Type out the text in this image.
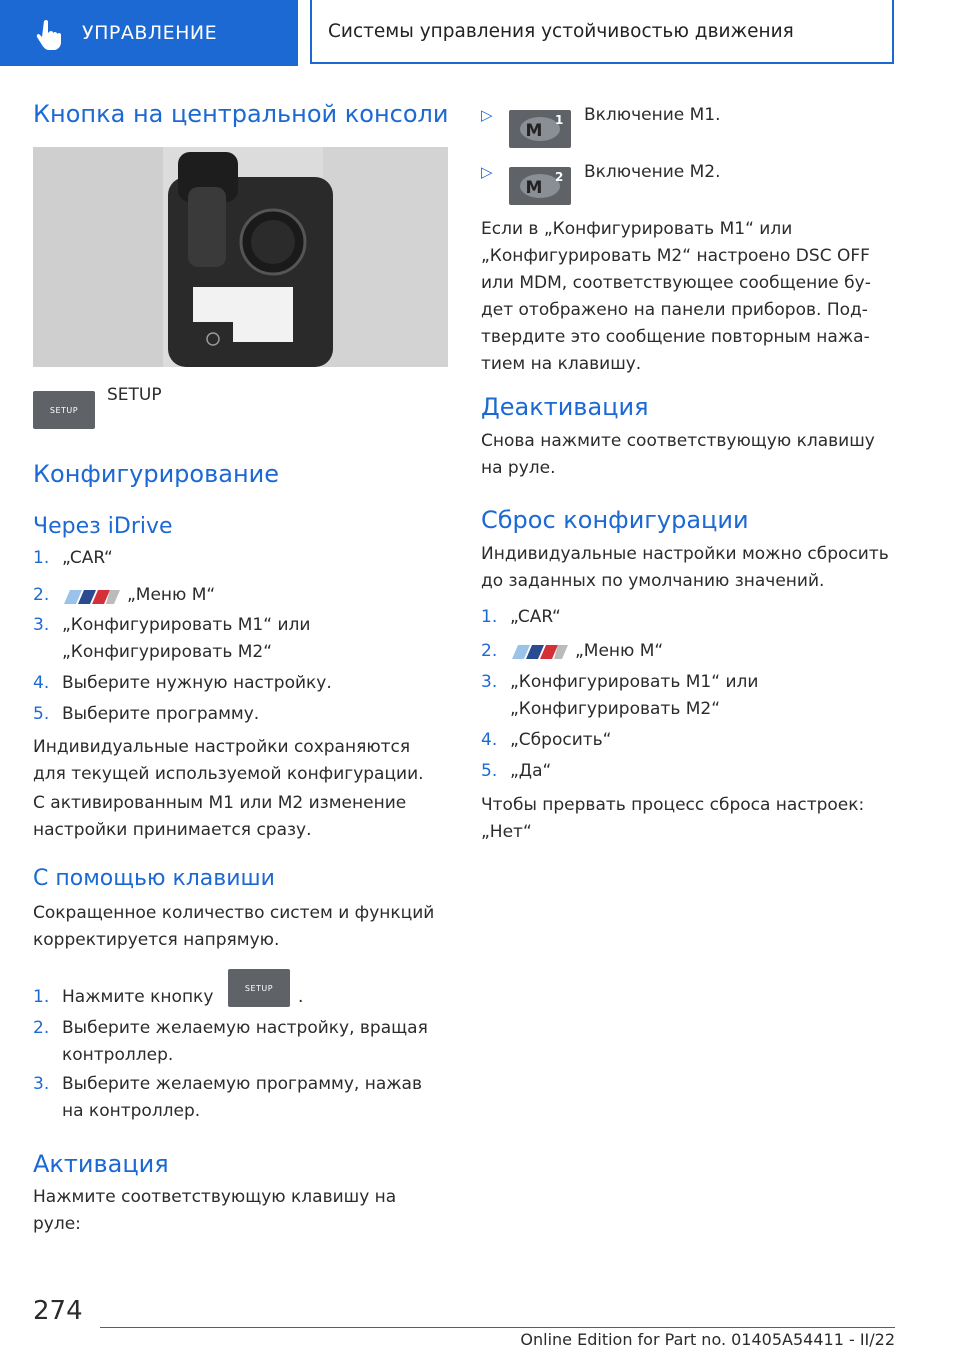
УПРАВЛЕНИЕ	Системы управления устойчивостью движения
Кнопка на центральной консоли
SETUP
SETUP
Конфигурирование
Через iDrive
1. „CAR“
2.	„Меню M“
3. „Конфигурировать M1“ или „Конфигурировать M2“
4. Выберите нужную настройку.
5. Выберите программу.
Индивидуальные настройки сохраняются для текущей используемой конфигурации.
С активированным M1 или M2 изменение настройки принимается сразу.
С помощью клавиши
Сокращенное количество систем и функций корректируется напрямую.
1. Нажмите кнопку	SETUP .
2. Выберите желаемую настройку, вращая контроллер.
3. Выберите желаемую программу, нажав на контроллер.
Активация
Нажмите соответствующую клавишу на руле:
▷
M
1 Включение M1.
▷
M
2 Включение M2.
Если в „Конфигурировать M1“ или „Конфигурировать M2“ настроено DSC OFF или MDM, соответствующее сообщение будет отображено на панели приборов. Подтвердите это сообщение повторным нажатием на клавишу.
Деактивация
Снова нажмите соответствующую клавишу на руле.
Сброс конфигурации
Индивидуальные настройки можно сбросить до заданных по умолчанию значений.
1. „CAR“
2.	„Меню M“
3. „Конфигурировать M1“ или „Конфигурировать M2“
4. „Сбросить“
5. „Да“
Чтобы прервать процесс сброса настроек: „Нет“
274
Online Edition for Part no. 01405A54411 - II/22
